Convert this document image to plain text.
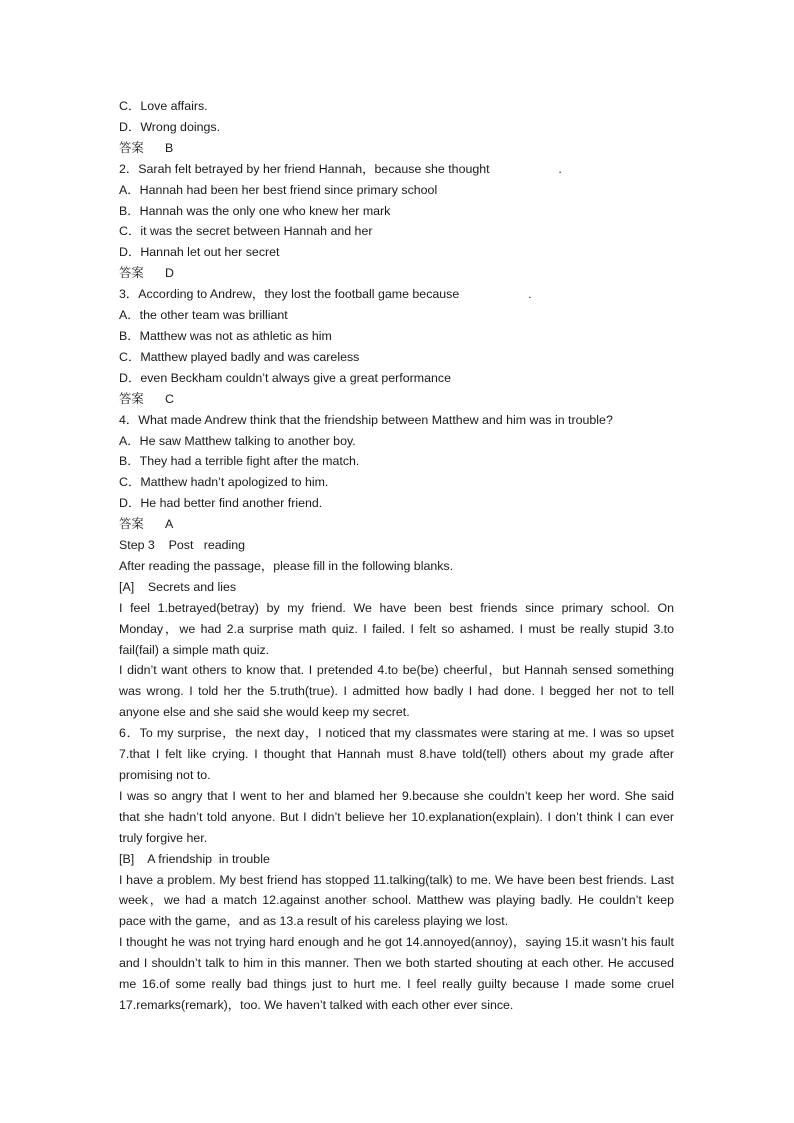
C．Love affairs.
D．Wrong doings.
答案 B
2．Sarah felt betrayed by her friend Hannah，because she thought                    .
A．Hannah had been her best friend since primary school
B．Hannah was the only one who knew her mark
C．it was the secret between Hannah and her
D．Hannah let out her secret
答案 D
3．According to Andrew，they lost the football game because                    .
A．the other team was brilliant
B．Matthew was not as athletic as him
C．Matthew played badly and was careless
D．even Beckham couldn’t always give a great performance
答案 C
4．What made Andrew think that the friendship between Matthew and him was in trouble?
A．He saw Matthew talking to another boy.
B．They had a terrible fight after the match.
C．Matthew hadn’t apologized to him.
D．He had better find another friend.
答案 A
Step 3    Post   reading
After reading the passage，please fill in the following blanks.
[A]    Secrets and lies
I feel 1.betrayed(betray) by my friend. We have been best friends since primary school. On Monday，we had 2.a surprise math quiz. I failed. I felt so ashamed. I must be really stupid 3.to fail(fail) a simple math quiz.
I didn’t want others to know that. I pretended 4.to be(be) cheerful，but Hannah sensed something was wrong. I told her the 5.truth(true). I admitted how badly I had done. I begged her not to tell anyone else and she said she would keep my secret.
6．To my surprise，the next day，I noticed that my classmates were staring at me. I was so upset 7.that I felt like crying. I thought that Hannah must 8.have told(tell) others about my grade after promising not to.
I was so angry that I went to her and blamed her 9.because she couldn’t keep her word. She said that she hadn’t told anyone. But I didn’t believe her 10.explanation(explain). I don’t think I can ever truly forgive her.
[B]    A friendship  in trouble
I have a problem. My best friend has stopped 11.talking(talk) to me. We have been best friends. Last week，we had a match 12.against another school. Matthew was playing badly. He couldn’t keep pace with the game，and as 13.a result of his careless playing we lost.
I thought he was not trying hard enough and he got 14.annoyed(annoy)，saying 15.it wasn’t his fault and I shouldn’t talk to him in this manner. Then we both started shouting at each other. He accused me 16.of some really bad things just to hurt me. I feel really guilty because I made some cruel 17.remarks(remark)，too. We haven’t talked with each other ever since.
